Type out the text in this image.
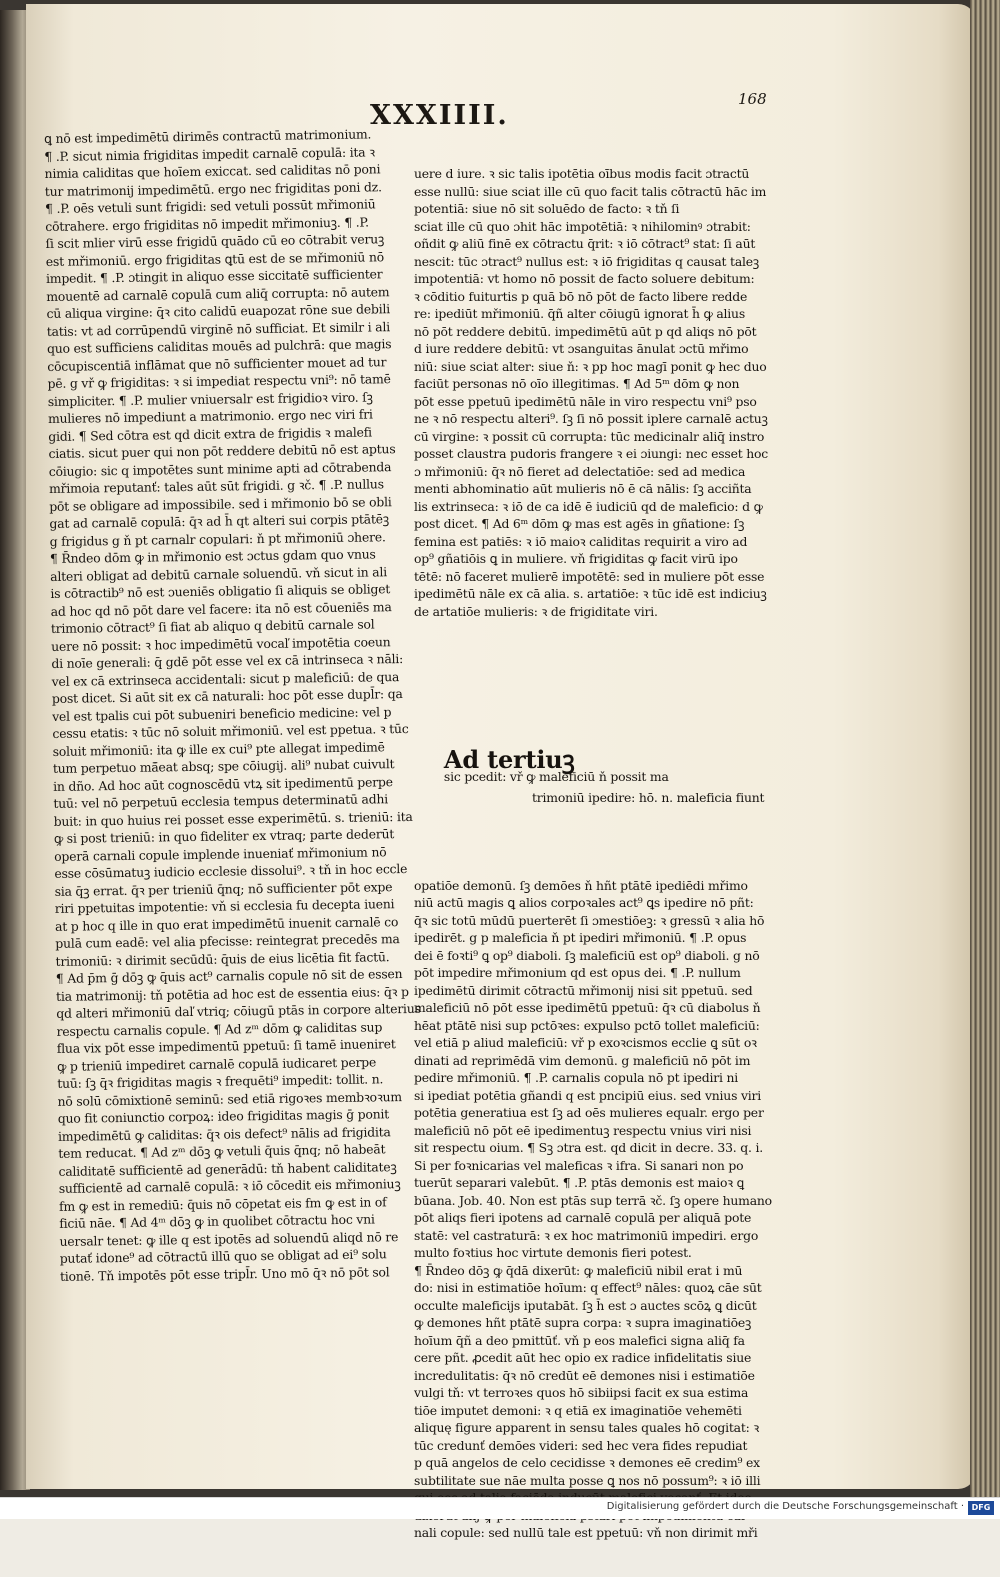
XXXIIII.
168
ꝗ nō est impedimētū dirimēs contractū matrimonium.
¶ .P. sicut nimia frigiditas impedit carnalē copulā: ita ꝛ
nimia caliditas que hoīem exiccat. sed caliditas nō poni
tur matrimonij impedimētū. ergo nec frigiditas poni dz.
¶ .P. oēs vetuli sunt frigidi: sed vetuli possūt mřimoniū
cōtrahere. ergo frigiditas nō impedit mřimoniuꝫ. ¶ .P.
ſi scit mlier virū esse frigidū quādo cū eo cōtrabit veruꝫ
est mřimoniū. ergo frigiditas ꝗtū est de se mřimoniū nō
impedit. ¶ .P. ɔtingit in aliquo esse siccitatē sufficienter
mouentē ad carnalē copulā cum aliq̄ corrupta: nō autem
cū aliqua virgine: q̄ꝛ cito calidū euapozat rōne sue debili
tatis: vt ad corrūpendū virginē nō sufficiat. Et similr i ali
quo est sufficiens caliditas mouēs ad pulchrā: que magis
cōcupiscentiā inflāmat que nō sufficienter mouet ad tur
pē. g vř ꝙ frigiditas: ꝛ si impediat respectu vni⁹: nō tamē
simpliciter. ¶ .P. mulier vniuersalr est frigidioꝛ viro. ſꝫ
mulieres nō impediunt a matrimonio. ergo nec viri fri
gidi. ¶ Sed cōtra est qd dicit extra de frigidis ꝛ malefi
ciatis. sicut puer qui non pōt reddere debitū nō est aptus
cōiugio: sic q impotētes sunt minime apti ad cōtrabenda
mřimoia reputanť: tales aūt sūt frigidi. g ꝛč. ¶ .P. nullus
pōt se obligare ad impossibile. sed i mřimonio bō se obli
gat ad carnalē copulā: q̄ꝛ ad h̄ qt alteri sui corpis ptātēꝫ
g frigidus g ň pt carnalr copulari: ň pt mřimoniū ɔhere.
¶ R̄ndeo dōm ꝙ in mřimonio est ɔctus gdam quo vnus
alteri obligat ad debitū carnale soluendū. vň sicut in ali
is cōtractib⁹ nō est ɔueniēs obligatio ſi aliquis se obliget
ad hoc qd nō pōt dare vel facere: ita nō est cōueniēs ma
trimonio cōtract⁹ ſi fiat ab aliquo q debitū carnale sol
uere nō possit: ꝛ hoc impedimētū vocaľ impotētia coeun
di noīe generali: q̄ gdē pōt esse vel ex cā intrinseca ꝛ nāli:
vel ex cā extrinseca accidentali: sicut p maleficiū: de qua
post dicet. Si aūt sit ex cā naturali: hoc pōt esse dupl̄r: qa
vel est tpalis cui pōt subueniri beneficio medicine: vel p
cessu etatis: ꝛ tūc nō soluit mřimoniū. vel est ppetua. ꝛ tūc
soluit mřimoniū: ita ꝙ ille ex cui⁹ pte allegat impedimē
tum perpetuo mā̄eat absq; spe cōiugij. ali⁹ nubat cuivult
in dño. Ad hoc aūt cognoscēdū vtꝝ sit ipedimentū perpe
tuū: vel nō perpetuū ecclesia tempus determinatū adhi
buit: in quo huius rei posset esse experimētū. s. trieniū: ita
ꝙ si post trieniū: in quo fideliter ex vtraq; parte dederūt
operā carnali copule implende inueniať mřimonium nō
esse cōsūmatuꝫ iudicio ecclesie dissolui⁹. ꝛ tň in hoc eccle
sia q̄ꝫ errat. q̄ꝛ per trieniū q̄nq; nō sufficienter pōt expe
riri ppetuitas impotentie: vň si ecclesia fu decepta iueni
at p hoc q ille in quo erat impedimētū inuenit carnalē co
pulā cum eadē: vel alia pfecisse: reintegrat precedēs ma
trimoniū: ꝛ dirimit secūdū: q̄uis de eius licētia fit factū.
¶ Ad p̄m ḡ dōꝫ ꝙ q̄uis act⁹ carnalis copule nō sit de essen
tia matrimonij: tň potētia ad hoc est de essentia eius: q̄ꝛ p
qd alteri mřimoniū daľ vtriq; cōiugū ptās in corpore alterius
respectu carnalis copule. ¶ Ad zᵐ dōm ꝙ caliditas sup
flua vix pōt esse impedimentū ppetuū: ſi tamē inueniret
ꝙ p trieniū impediret carnalē copulā iudicaret perpe
tuū: ſꝫ q̄ꝛ frigiditas magis ꝛ frequēti⁹ impedit: tollit. n.
nō solū cōmixtionē seminū: sed etiā rigoꝛes membꝛoꝛum
quo fit coniunctio corpoꝝ: ideo frigiditas magis ḡ ponit
impedimētū ꝙ caliditas: q̄ꝛ ois defect⁹ nālis ad frigidita
tem reducat. ¶ Ad zᵐ dōꝫ ꝙ vetuli q̄uis q̄nq; nō habeāt
caliditatē sufficientē ad generādū: tň habent caliditateꝫ
sufficientē ad carnalē copulā: ꝛ iō cōcedit eis mřimoniuꝫ
fm ꝙ est in remediū: q̄uis nō cōpetat eis fm ꝙ est in of
ficiū nāe. ¶ Ad 4ᵐ dōꝫ ꝙ in quolibet cōtractu hoc vni
uersalr tenet: ꝙ ille q est ipotēs ad soluendū aliqd nō re
putať idone⁹ ad cōtractū illū quo se obligat ad ei⁹ solu
tionē. Tň impotēs pōt esse tripl̄r. Uno mō q̄ꝛ nō pōt sol

uere d iure. ꝛ sic talis ipotētia oībus modis facit ɔtractū
esse nullū: siue sciat ille cū quo facit talis cōtractū hāc im
potentiā: siue nō sit soluēdo de facto: ꝛ tň ſi
sciat ille cū quo ɔhit hāc impotētiā: ꝛ nihilominꝰ ɔtrabit:
oñdit ꝙ aliū finē ex cōtractu q̄rit: ꝛ iō cōtract⁹ stat: ſi aūt
nescit: tūc ɔtract⁹ nullus est: ꝛ iō frigiditas q causat taleꝫ
impotentiā: vt homo nō possit de facto soluere debitum:
ꝛ cōditio fuiturtis p quā bō nō pōt de facto libere redde
re: ipediūt mřimoniū. q̄ñ alter cōiugū ignorat h̄ ꝙ alius
nō pōt reddere debitū. impedimētū aūt p qd aliqs nō pōt
d iure reddere debitū: vt ɔsanguitas ānulat ɔctū mřimo
niū: siue sciat alter: siue ň: ꝛ pp hoc magī ponit ꝙ hec duo
faciūt personas nō oīo illegitimas. ¶ Ad 5ᵐ dōm ꝙ non
pōt esse ppetuū ipedimētū nāle in viro respectu vni⁹ pso
ne ꝛ nō respectu alteri⁹. ſꝫ ſi nō possit iplere carnalē actuꝫ
cū virgine: ꝛ possit cū corrupta: tūc medicinalr aliq̄ instro
posset claustra pudoris frangere ꝛ ei ɔiungi: nec esset hoc
ɔ mřimoniū: q̄ꝛ nō fieret ad delectatiōe: sed ad medica
menti abhominatio aūt mulieris nō ē cā nālis: ſꝫ acciñta
lis extrinseca: ꝛ iō de ca idē ē iudiciū qd de maleficio: d ꝙ
post dicet. ¶ Ad 6ᵐ dōm ꝙ mas est agēs in gñatione: ſꝫ
femina est patiēs: ꝛ iō maioꝛ caliditas requirit a viro ad
op⁹ gñatiōis ꝗ in muliere. vň frigiditas ꝙ facit virū ipo
tētē: nō faceret mulierē impotētē: sed in muliere pōt esse
ipedimētū nāle ex cā alia. s. artatiōe: ꝛ tūc idē est indiciuꝫ
de artatiōe mulieris: ꝛ de frigiditate viri.

Ad tertiuꝫ
sic pcedit: vř ꝙ maleficiū ň possit ma

trimoniū ipedire: hō. n. maleficia fiunt

opatiōe demonū. ſꝫ demōes ň hñt ptātē ipediēdi mřimo
niū actū magis ꝗ alios corpoꝛales act⁹ ꝗs ipedire nō pñt:
q̄ꝛ sic totū mūdū puerterēt ſi ɔmestiōeꝫ: ꝛ gressū ꝛ alia hō
ipedirēt. g p maleficia ň pt ipediri mřimoniū. ¶ .P. opus
dei ē foꝛti⁹ ꝗ op⁹ diaboli. ſꝫ maleficiū est op⁹ diaboli. g nō
pōt impedire mřimonium qd est opus dei. ¶ .P. nullum
ipedimētū dirimit cōtractū mřimonij nisi sit ppetuū. sed
maleficiū nō pōt esse ipedimētū ppetuū: q̄ꝛ cū diabolus ň
hēat ptātē nisi sup pctōꝛes: expulso pctō tollet maleficiū:
vel etiā p aliud maleficiū: vř p exoꝛcismos ecclie ꝗ sūt oꝛ
dinati ad reprimēdā vim demonū. g maleficiū nō pōt im
pedire mřimoniū. ¶ .P. carnalis copula nō pt ipediri ni
si ipediat potētia gñandi q est pncipiū eius. sed vnius viri
potētia generatiua est ſꝫ ad oēs mulieres equalr. ergo per
maleficiū nō pōt eē ipedimentuꝫ respectu vnius viri nisi
sit respectu oium. ¶ Sꝫ ɔtra est. qd dicit in decre. 33. q. i.
Si per foꝛnicarias vel maleficas ꝛ ifra. Si sanari non po
tuerūt separari valebūt. ¶ .P. ptās demonis est maioꝛ ꝗ
būana. Job. 40. Non est ptās sup terrā ꝛč. ſꝫ opere humano
pōt aliqs fieri ipotens ad carnalē copulā per aliquā pote
statē: vel castraturā: ꝛ ex hoc matrimoniū impediri. ergo
multo foꝛtius hoc virtute demonis fieri potest.
¶ R̄ndeo dōꝫ ꝙ q̄dā dixerūt: ꝙ maleficiū nibil erat i mū
do: nisi in estimatiōe hoīum: q effect⁹ nāles: quoꝝ cāe sūt
occulte maleficijs iputabāt. ſꝫ h̄ est ɔ auctes scōꝝ ꝗ dicūt
ꝙ demones hñt ptātē supra corpa: ꝛ supra imaginatiōeꝫ
hoīum q̄ñ a deo pmittūť. vň p eos malefici signa aliq̄ fa
cere pñt. ꝓcedit aūt hec opio ex radice infidelitatis siue
incredulitatis: q̄ꝛ nō credūt eē demones nisi i estimatiōe
vulgi tň: vt terroꝛes quos hō sibiipsi facit ex sua estima
tiōe imputet demoni: ꝛ q etiā ex imaginatiōe vehemēti
aliquę figure apparent in sensu tales quales hō cogitat: ꝛ
tūc credunť demōes videri: sed hec vera fides repudiat
p quā angelos de celo cecidisse ꝛ demones eē credim⁹ ex
subtilitate sue nāe multa posse ꝗ nos nō possum⁹: ꝛ iō illi
nali copule: sed nullū tale est ppetuū: vň non dirimit mři

Digitalisierung gefördert durch die Deutsche Forschungsgemeinschaft · DFG
